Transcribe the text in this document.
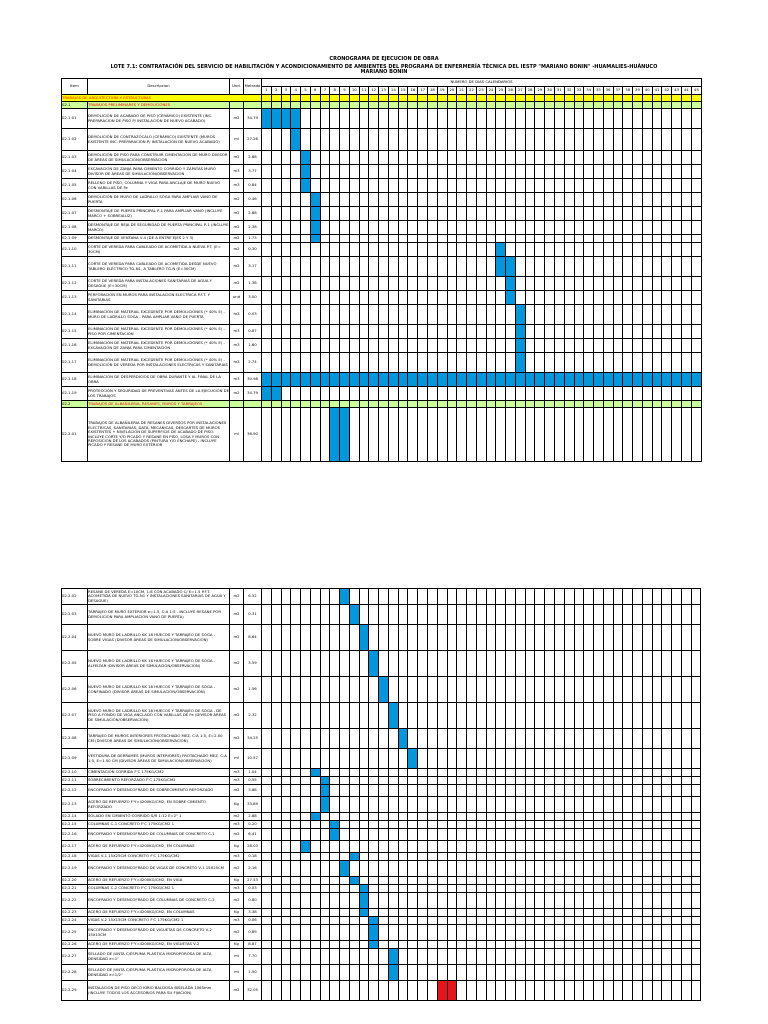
CRONOGRAMA DE EJECUCION DE OBRA
LOTE 7.1: CONTRATACIÓN DEL SERVICIO DE HABILITACIÓN Y ACONDICIONAMIENTO DE AMBIENTES DEL PROGRAMA DE ENFERMERÍA TÉCNICA DEL IESTP "MARIANO BONIN" -HUAMALIES-HUÁNUCO
MARIANO BONIN
Item	Descripcion	Und.	Metrado	NUMERO DE DIAS CALENDARIOS																																												
				1	2	3	4	5	6	7	8	9	10	11	12	13	14	15	16	17	18	19	20	21	22	23	24	25	26	27	28	29	30	31	32	33	34	35	36	37	38	39	40	41	42	43	44	45
TRABAJOS DE ARQUITECTURA Y ESTRUCTURAS																																																
02.1	TRABAJOS PRELIMINARES Y DEMOLICIONES																																															
02.1.01	DEMOLICIÓN DE ACABADO DE PISO (CERÁMICO) EXISTENTE (INC. PREPARACION DE PISO P/ INSTALACIÓN DE NUEVO ACABADO)	m2	34.79																																													
02.1.02	DEMOLICIÓN DE CONTRAZÓCALO (CERÁMICO) EXISTENTE (MUROS EXISTENTE INC. PREPARACION P/ INSTALACIÓN DE NUEVO ACABADO)	ml	27.26																																													
02.1.03	DEMOLICIÓN DE PISO PARA CONSTRUIR CIMENTACIÓN DE MURO DIVISOR DE ÁREAS DE SIMULACIÓN/OBSERVACIÓN	m2	2.88																																													
02.1.04	EXCAVACIÓN DE ZANJA PARA CIMIENTO CORRIDO Y ZAPATAS MURO DIVISOR DE ÁREAS DE SIMULACIÓN/OBSERVACIÓN	m3	3.77																																													
02.1.05	RELLENO DE PISO, COLUMNA Y VIGA PARA ANCLAJE DE MURO NUEVO CON VARILLAS DE Fe	m3	0.84																																													
02.1.06	DEMOLICIÓN DE MURO DE LADRILLO SOGA PARA AMPLIAR VANO DE PUERTA	m2	0.46																																													
02.1.07	DESMONTAJE DE PUERTA PRINCIPAL P-1 PARA AMPLIAR VANO (INCLUYE MARCO + SOBREALUZ)	m2	2.88																																													
02.1.08	DESMONTAJE DE REJA DE SEGURIDAD DE PUERTA PRINCIPAL P-1 (INCLUYE MARCO)	m2	2.38																																													
02.1.09	DESMONTAJE DE VENTANA V-4 (DE A ENTRE EJES 2 Y 3)	m2	1.73																																													
02.1.10	CORTE DE VEREDA PARA CABLEADO DE ACOMETIDA A NUEVA P.T. (E= 30CM)	m2	0.30																																													
02.1.11	CORTE DE VEREDA PARA CABLEADO DE ACOMETIDA DESDE NUEVO TABLERO ELÉCTRICO TG-N1, A TABLERO TG-N (E=30CM)	m2	3.17																																													
02.1.12	CORTE DE VEREDA PARA INSTALACIONES SANITARIAS DE AGUA Y DESAGÜE (E=30CM)	m2	1.38																																													
02.1.13	PERFORACIÓN EN MUROS PARA INSTALACIÓN ELECTRICA P.F.T. Y SANITARIAS	und	3.00																																													
02.1.14	ELIMINACIÓN DE MATERIAL EXCEDENTE POR DEMOLICIONES (* 40% E) -MURO DE LADRILLO SOGA - PARA AMPLIAR VANO DE PUERTA	m3	0.03																																													
02.1.15	ELIMINACIÓN DE MATERIAL EXCEDENTE POR DEMOLICIONES (* 40% E) -PISO POR CIMENTACION	m3	0.87																																													
02.1.16	ELIMINACIÓN DE MATERIAL EXCEDENTE POR DEMOLICIONES (* 40% E) -EXCAVACIÓN DE ZANJA PARA CIMENTACIÓN	m3	1.60																																													
02.1.17	ELIMINACIÓN DE MATERIAL EXCEDENTE POR DEMOLICIONES (* 40% E) -DEMOLICIÓN DE VEREDA POR INSTALACIONES ELECTRICAS Y SANITARIAS	m3	2.74																																													
02.1.18	ELIMINACIÓN DE DESPERDICIOS DE OBRA DURANTE Y AL FINAL DE LA OBRA	m3	30.98																																													
02.1.19	PROTECCIÓN Y SEGURIDAD DE PREVENTIVAS ANTES DE LA EJECUCIÓN DE LOS TRABAJOS	m2	34.79																																													
02.2	TRABAJOS DE ALBAÑILERIA, RESANES, MUROS Y TARRAJEOS																																															
02.2.01	TRABAJOS DE ALBAÑILERIA DE RESANES DIVERSOS POR INSTALACIONES ELECTRICAS, SANITARIAS, DATA, MECANICAS, DESCARTES DE MUROS EXISTENTES + NIVELACIÓN DE SUPERFICIE DE ACABADO DE PISO. INCLUYE CORTE Y/O PICADO Y RESANE EN PISO, LOSA Y MUROS CON REPOSICION DE LOS ACABADOS (PINTURA Y/O ENCHAPE) - INCLUYE PICADO Y RESANE DE MURO EXTERIOR	ml	36.90																																													
02.2.02	RESANE DE VEREDA E=10CM, 1:8 CON ACABADO C/ E=1.5 P.F.T. ACOMETIDA DE NUEVO TG-N1 Y INSTALACIONES SANITARIAS DE AGUA Y DESAGUE)	m2	6.52																																													
02.2.03	TARRAJEO DE MURO EXTERIOR e=1.5, C:A 1:5 - INCLUYE RESANE POR DEMOLICION PARA AMPLIACIÓN VANO DE PUERTA)	m2	0.31																																													
02.2.04	NUEVO MURO DE LADRILLO KK 18 HUECOS Y TARRAJEO DE SOGA - SOBRE VIGAS (DIVISOR ÁREAS DE SIMULACIÓN/OBSERVACIÓN)	m2	8.64																																													
02.2.05	NUEVO MURO DE LADRILLO KK 18 HUECOS Y TARRAJEO DE SOGA - ALFEIZAR (DIVISOR ÁREAS DE SIMULACIÓN/OBSERVACIÓN)	m2	3.59																																													
02.2.06	NUEVO MURO DE LADRILLO KK 18 HUECOS Y TARRAJEO DE SOGA - CONFINADO (DIVISOR ÁREAS DE SIMULACIÓN/OBSERVACIÓN)	m2	1.56																																													
02.2.07	NUEVO MURO DE LADRILLO KK 18 HUECOS Y TARRAJEO DE SOGA - DE PISO A FONDO DE VIGA ANCLADO CON VARILLAS DE Fe (DIVISOR ÁREAS DE SIMULACIÓN/OBSERVACIÓN)	m2	2.32																																													
02.2.08	TARRAJEO DE MUROS INTERIORES FROTACHADO MEZ. C:A 1:5, E=2.00 CM (DIVISOR ÁREAS DE SIMULACIÓN/OBSERVACIÓN)	m2	34.25																																													
02.2.09	VESTIDURA DE DERRAMES (MUROS INTERIORES) FROTACHADO MEZ. C:A 1:5, E=1.50 CM (DIVISOR ÁREAS DE SIMULACIÓN/OBSERVACIÓN)	ml	10.57																																													
02.2.10	CIMENTACIÓN CORRIDA F'C 175KG/CM2	m3	1.04																																													
02.2.11	SOBRECIMIENTO REFORZADO F'C 175KG/CM2	m3	0.55																																													
02.2.12	ENCOFRADO Y DESENCOFRADO DE SOBRECIMIENTO REFORZADO	m2	3.88																																													
02.2.13	ACERO DE REFUERZO F'Y=4200KG/CM2, EN SOBRE CIMIENTO REFORZADO	Kg	33.89																																													
02.2.14	SOLADO EN CIMIENTO CORRIDO S/R 1:12 E=2" 1	m2	2.88																																													
02.2.15	COLUMNAS C-1 CONCRETO F'C 175KG/CM2 1	m3	0.20																																													
02.2.16	ENCOFRADO Y DESENCOFRADO DE COLUMNAS DE CONCRETO C-1	m2	6.41																																													
02.2.17	ACERO DE REFUERZO F'Y=4200KG/CM2, EN COLUMNAS	Kg	28.03																																													
02.2.18	VIGAS V-1 15X25CM CONCRETO F'C 175KG/CM2	m3	0.18																																													
02.2.19	ENCOFRADO Y DESENCOFRADO DE VIGAS DE CONCRETO V-1 15X25CM	m2	2.16																																													
02.2.20	ACERO DE REFUERZO F'Y=4200KG/CM2, EN VIGA	Kg	27.53																																													
02.2.21	COLUMNAS C-2 CONCRETO F'C 175KG/CM2 1	m3	0.03																																													
02.2.22	ENCOFRADO Y DESENCOFRADO DE COLUMNAS DE CONCRETO C-2	m2	0.80																																													
02.2.23	ACERO DE REFUERZO F'Y=4200KG/CM2, EN COLUMNAS	Kg	3.38																																													
02.2.24	VIGAS V-2 15X15CM CONCRETO F'C 175KG/CM2 1	m3	0.06																																													
02.2.25	ENCOFRADO Y DESENCOFRADO DE VIGUETAS DE CONCRETO V-2 15X15CM	m2	0.89																																													
02.2.26	ACERO DE REFUERZO F'Y=4200KG/CM2, EN VIGUETAS V-2	Kg	8.87																																													
02.2.27	SELLADO DE JUNTA C/ESPUMA PLASTICA MICROPOROSA DE ALTA DENSIDAD e=1"	ml	7.70																																													
02.2.28	SELLADO DE JUNTA C/ESPUMA PLASTICA MICROPOROSA DE ALTA DENSIDAD e=1/2"	ml	1.50																																													
02.2.29	INSTALACION DE PISO DECO KIRIO BALDOSA BISELADA 1065mm (INCLUYE TODOS LOS ACCESORIOS PARA SU FIJACION)	m2	32.05																																													
